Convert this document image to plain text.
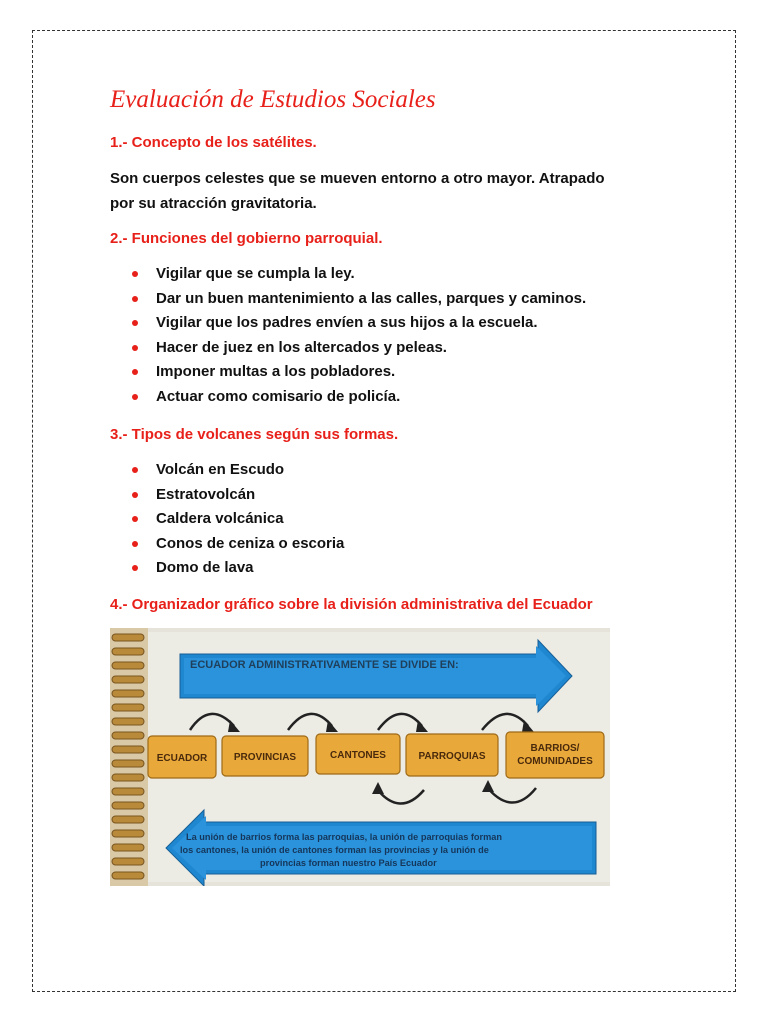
Evaluación de Estudios Sociales
1.- Concepto de los satélites.
Son cuerpos celestes que se mueven entorno a otro mayor. Atrapado
por su atracción gravitatoria.
2.- Funciones del gobierno parroquial.
Vigilar que se cumpla la ley.
Dar un buen mantenimiento a las calles, parques y caminos.
Vigilar que los padres envíen a sus hijos a la escuela.
Hacer de juez en los altercados y peleas.
Imponer multas a los pobladores.
Actuar como comisario de policía.
3.- Tipos de volcanes según sus formas.
Volcán en Escudo
Estratovolcán
Caldera volcánica
Conos de ceniza o escoria
Domo de lava
4.- Organizador gráfico sobre la división administrativa del Ecuador
ECUADOR ADMINISTRATIVAMENTE SE DIVIDE EN:
ECUADOR	PROVINCIAS	CANTONES	PARROQUIAS
BARRIOS/
COMUNIDADES
La unión de barrios forma las parroquias, la unión de parroquias forman
los cantones, la unión de cantones forman las provincias y la unión de
provincias forman nuestro País Ecuador
